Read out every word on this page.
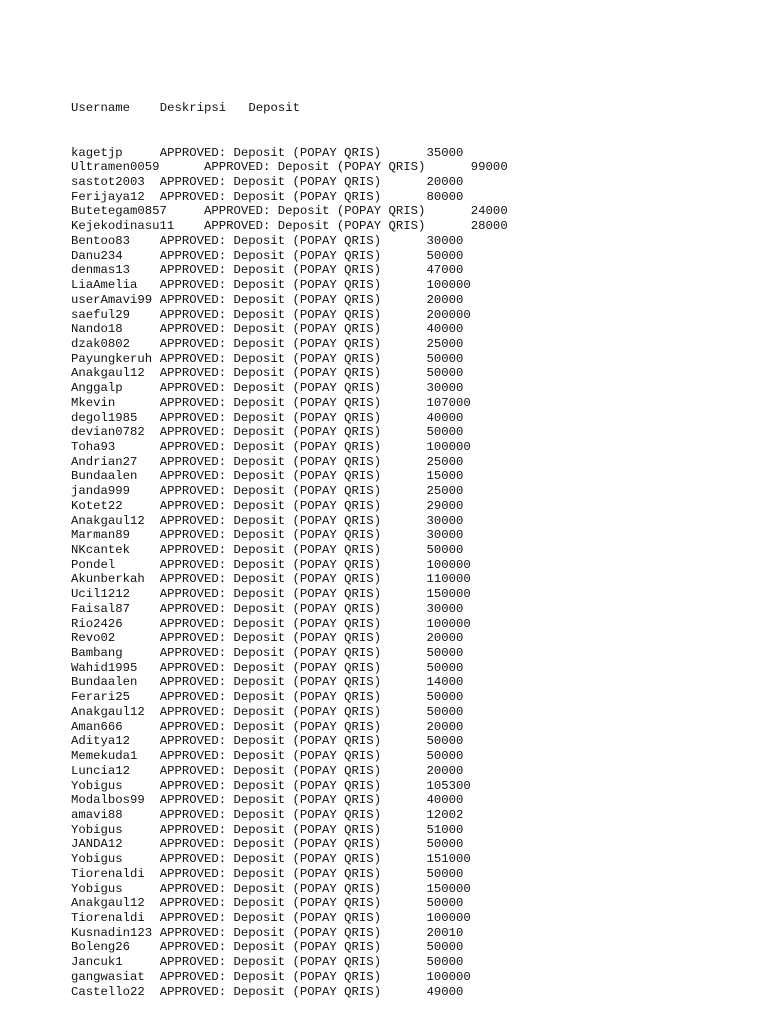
Username Deskripsi Deposit

kagetjp	APPROVED: Deposit (POPAY QRIS)	35000
Ultramen0059	APPROVED: Deposit (POPAY QRIS)	99000
sastot2003 APPROVED: Deposit (POPAY QRIS)	20000
Ferijaya12 APPROVED: Deposit (POPAY QRIS)	80000
Butetegam0857	APPROVED: Deposit (POPAY QRIS)	24000
Kejekodinasu11 APPROVED: Deposit (POPAY QRIS)	28000
Bentoo83 APPROVED: Deposit (POPAY QRIS)	30000
Danu234	APPROVED: Deposit (POPAY QRIS)	50000
denmas13 APPROVED: Deposit (POPAY QRIS)	47000
LiaAmelia APPROVED: Deposit (POPAY QRIS)	100000
userAmavi99 APPROVED: Deposit (POPAY QRIS)	20000
saeful29 APPROVED: Deposit (POPAY QRIS)	200000
Nando18	APPROVED: Deposit (POPAY QRIS)	40000
dzak0802 APPROVED: Deposit (POPAY QRIS)	25000
Payungkeruh APPROVED: Deposit (POPAY QRIS)	50000
Anakgaul12 APPROVED: Deposit (POPAY QRIS)	50000
Anggalp	APPROVED: Deposit (POPAY QRIS)	30000
Mkevin	APPROVED: Deposit (POPAY QRIS)	107000
degol1985 APPROVED: Deposit (POPAY QRIS)	40000
devian0782 APPROVED: Deposit (POPAY QRIS)	50000
Toha93	APPROVED: Deposit (POPAY QRIS)	100000
Andrian27 APPROVED: Deposit (POPAY QRIS)	25000
Bundaalen APPROVED: Deposit (POPAY QRIS)	15000
janda999 APPROVED: Deposit (POPAY QRIS)	25000
Kotet22	APPROVED: Deposit (POPAY QRIS)	29000
Anakgaul12 APPROVED: Deposit (POPAY QRIS)	30000
Marman89 APPROVED: Deposit (POPAY QRIS)	30000
NKcantek APPROVED: Deposit (POPAY QRIS)	50000
Pondel	APPROVED: Deposit (POPAY QRIS)	100000
Akunberkah APPROVED: Deposit (POPAY QRIS)	110000
Ucil1212 APPROVED: Deposit (POPAY QRIS)	150000
Faisal87 APPROVED: Deposit (POPAY QRIS)	30000
Rio2426	APPROVED: Deposit (POPAY QRIS)	100000
Revo02	APPROVED: Deposit (POPAY QRIS)	20000
Bambang	APPROVED: Deposit (POPAY QRIS)	50000
Wahid1995 APPROVED: Deposit (POPAY QRIS)	50000
Bundaalen APPROVED: Deposit (POPAY QRIS)	14000
Ferari25 APPROVED: Deposit (POPAY QRIS)	50000
Anakgaul12 APPROVED: Deposit (POPAY QRIS)	50000
Aman666	APPROVED: Deposit (POPAY QRIS)	20000
Aditya12 APPROVED: Deposit (POPAY QRIS)	50000
Memekuda1 APPROVED: Deposit (POPAY QRIS)	50000
Luncia12 APPROVED: Deposit (POPAY QRIS)	20000
Yobigus	APPROVED: Deposit (POPAY QRIS)	105300
Modalbos99 APPROVED: Deposit (POPAY QRIS)	40000
amavi88	APPROVED: Deposit (POPAY QRIS)	12002
Yobigus	APPROVED: Deposit (POPAY QRIS)	51000
JANDA12	APPROVED: Deposit (POPAY QRIS)	50000
Yobigus	APPROVED: Deposit (POPAY QRIS)	151000
Tiorenaldi APPROVED: Deposit (POPAY QRIS)	50000
Yobigus	APPROVED: Deposit (POPAY QRIS)	150000
Anakgaul12 APPROVED: Deposit (POPAY QRIS)	50000
Tiorenaldi APPROVED: Deposit (POPAY QRIS)	100000
Kusnadin123 APPROVED: Deposit (POPAY QRIS)	20010
Boleng26 APPROVED: Deposit (POPAY QRIS)	50000
Jancuk1	APPROVED: Deposit (POPAY QRIS)	50000
gangwasiat APPROVED: Deposit (POPAY QRIS)	100000
Castello22 APPROVED: Deposit (POPAY QRIS)	49000
